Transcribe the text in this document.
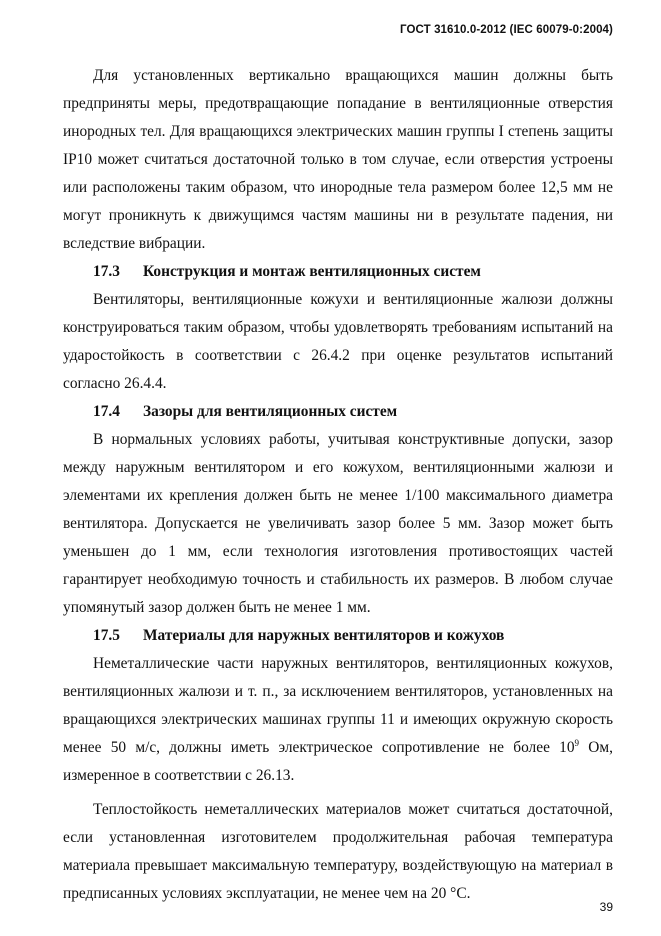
ГОСТ 31610.0-2012 (IEC 60079-0:2004)

Для установленных вертикально вращающихся машин должны быть предприняты меры, предотвращающие попадание в вентиляционные отверстия инородных тел. Для вращающихся электрических машин группы I степень защиты IP10 может считаться достаточной только в том случае, если отверстия устроены или расположены таким образом, что инородные тела размером более 12,5 мм не могут проникнуть к движущимся частям машины ни в результате падения, ни вследствие вибрации.

17.3 Конструкция и монтаж вентиляционных систем

Вентиляторы, вентиляционные кожухи и вентиляционные жалюзи должны конструироваться таким образом, чтобы удовлетворять требованиям испытаний на ударостойкость в соответствии с 26.4.2 при оценке результатов испытаний согласно 26.4.4.

17.4 Зазоры для вентиляционных систем

В нормальных условиях работы, учитывая конструктивные допуски, зазор между наружным вентилятором и его кожухом, вентиляционными жалюзи и элементами их крепления должен быть не менее 1/100 максимального диаметра вентилятора. Допускается не увеличивать зазор более 5 мм. Зазор может быть уменьшен до 1 мм, если технология изготовления противостоящих частей гарантирует необходимую точность и стабильность их размеров. В любом случае упомянутый зазор должен быть не менее 1 мм.

17.5 Материалы для наружных вентиляторов и кожухов

Неметаллические части наружных вентиляторов, вентиляционных кожухов, вентиляционных жалюзи и т. п., за исключением вентиляторов, установленных на вращающихся электрических машинах группы 11 и имеющих окружную скорость менее 50 м/с, должны иметь электрическое сопротивление не более $10^9$ Ом, измеренное в соответствии с 26.13.

Теплостойкость неметаллических материалов может считаться достаточной, если установленная изготовителем продолжительная рабочая температура материала превышает максимальную температуру, воздействующую на материал в предписанных условиях эксплуатации, не менее чем на 20 °С.

39
